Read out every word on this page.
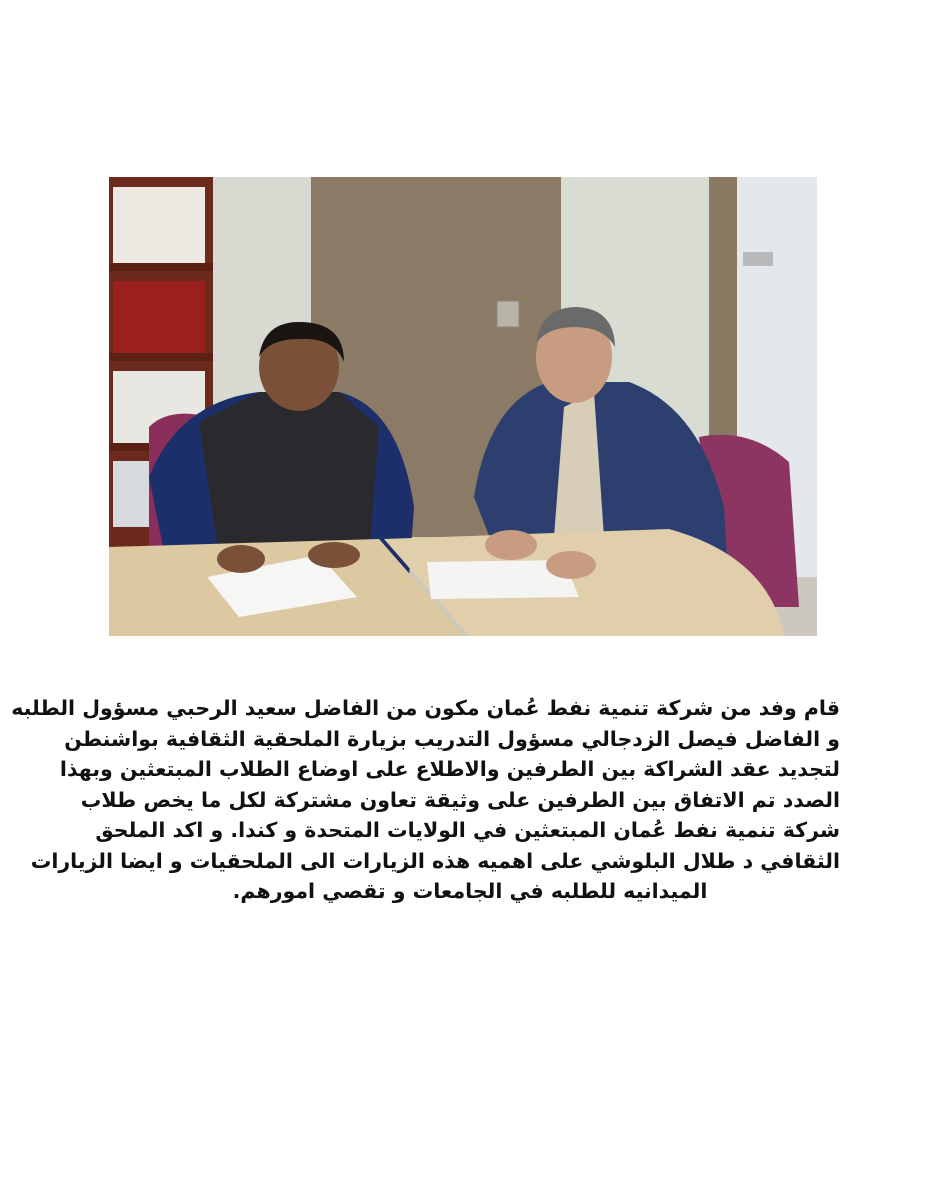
قام وفد من شركة تنمية نفط عُمان مكون من الفاضل سعيد الرحبي مسؤول الطلبه
و الفاضل فيصل الزدجالي مسؤول التدريب بزيارة الملحقية الثقافية بواشنطن
لتجديد عقد الشراكة بين الطرفين والاطلاع على اوضاع الطلاب المبتعثين وبهذا
الصدد تم الاتفاق بين الطرفين على وثيقة تعاون مشتركة لكل ما يخص طلاب
شركة تنمية نفط عُمان المبتعثين في الولايات المتحدة و كندا. و اكد الملحق
الثقافي د طلال البلوشي على اهميه هذه الزيارات الى الملحقيات و ايضا الزيارات
الميدانيه للطلبه في الجامعات و تقصي امورهم.
